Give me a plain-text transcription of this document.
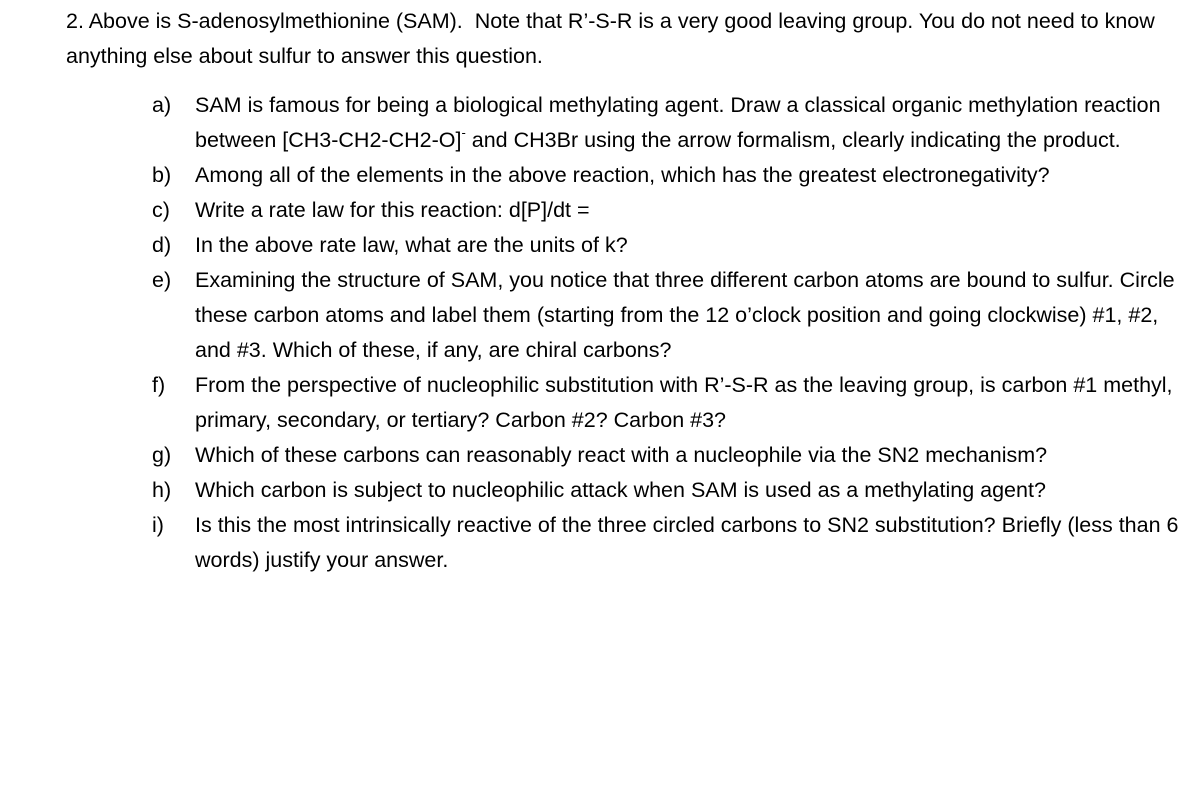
2. Above is S-adenosylmethionine (SAM).  Note that R’-S-R is a very good leaving group. You do not need to know anything else about sulfur to answer this question.
a)	SAM is famous for being a biological methylating agent. Draw a classical organic methylation reaction between [CH3-CH2-CH2-O]- and CH3Br using the arrow formalism, clearly indicating the product.
b)	Among all of the elements in the above reaction, which has the greatest electronegativity?
c)	Write a rate law for this reaction: d[P]/dt =
d)	In the above rate law, what are the units of k?
e)	Examining the structure of SAM, you notice that three different carbon atoms are bound to sulfur. Circle these carbon atoms and label them (starting from the 12 o’clock position and going clockwise) #1, #2, and #3. Which of these, if any, are chiral carbons?
f)	From the perspective of nucleophilic substitution with R’-S-R as the leaving group, is carbon #1 methyl, primary, secondary, or tertiary? Carbon #2? Carbon #3?
g)	Which of these carbons can reasonably react with a nucleophile via the SN2 mechanism?
h)	Which carbon is subject to nucleophilic attack when SAM is used as a methylating agent?
i)	Is this the most intrinsically reactive of the three circled carbons to SN2 substitution? Briefly (less than 6 words) justify your answer.
